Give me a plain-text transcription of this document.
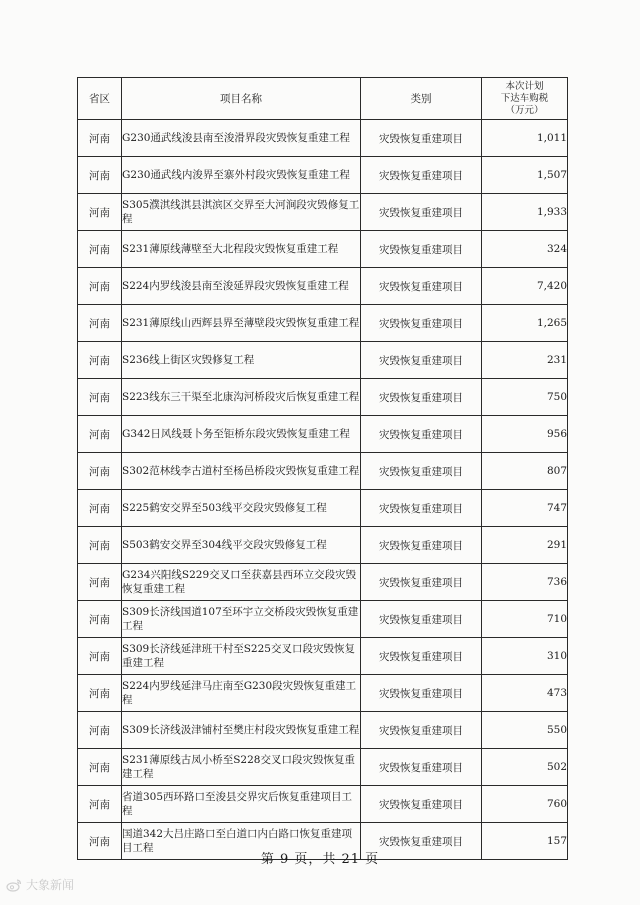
省区	项目名称	类别	本次计划
下达车购税
（万元）

河南	G230通武线浚县南至浚滑界段灾毁恢复重建工程	灾毁恢复重建项目	1,011
河南	G230通武线内浚界至寨外村段灾毁恢复重建工程	灾毁恢复重建项目	1,507
河南	S305濮淇线淇县淇滨区交界至大河涧段灾毁修复工程	灾毁恢复重建项目	1,933
河南	S231薄原线薄壁至大北程段灾毁恢复重建工程	灾毁恢复重建项目	324
河南	S224内罗线浚县南至浚延界段灾毁恢复重建工程	灾毁恢复重建项目	7,420
河南	S231薄原线山西辉县界至薄壁段灾毁恢复重建工程	灾毁恢复重建项目	1,265
河南	S236线上街区灾毁修复工程	灾毁恢复重建项目	231
河南	S223线东三干渠至北康沟河桥段灾后恢复重建工程	灾毁恢复重建项目	750
河南	G342日风线聂卜务至钜桥东段灾毁恢复重建工程	灾毁恢复重建项目	956
河南	S302范林线李古道村至杨邑桥段灾毁恢复重建工程	灾毁恢复重建项目	807
河南	S225鹤安交界至503线平交段灾毁修复工程	灾毁恢复重建项目	747
河南	S503鹤安交界至304线平交段灾毁修复工程	灾毁恢复重建项目	291
河南	G234兴阳线S229交叉口至获嘉县西环立交段灾毁恢复重建工程	灾毁恢复重建项目	736
河南	S309长济线国道107至环宇立交桥段灾毁恢复重建工程	灾毁恢复重建项目	710
河南	S309长济线延津班干村至S225交叉口段灾毁恢复重建工程	灾毁恢复重建项目	310
河南	S224内罗线延津马庄南至G230段灾毁恢复重建工程	灾毁恢复重建项目	473
河南	S309长济线汲津铺村至樊庄村段灾毁恢复重建工程	灾毁恢复重建项目	550
河南	S231薄原线古凤小桥至S228交叉口段灾毁恢复重建工程	灾毁恢复重建项目	502
河南	省道305西环路口至浚县交界灾后恢复重建项目工程	灾毁恢复重建项目	760
河南	国道342大吕庄路口至白道口内白路口恢复重建项目工程	灾毁恢复重建项目	157
第 9 页，共 21 页
大象新闻
